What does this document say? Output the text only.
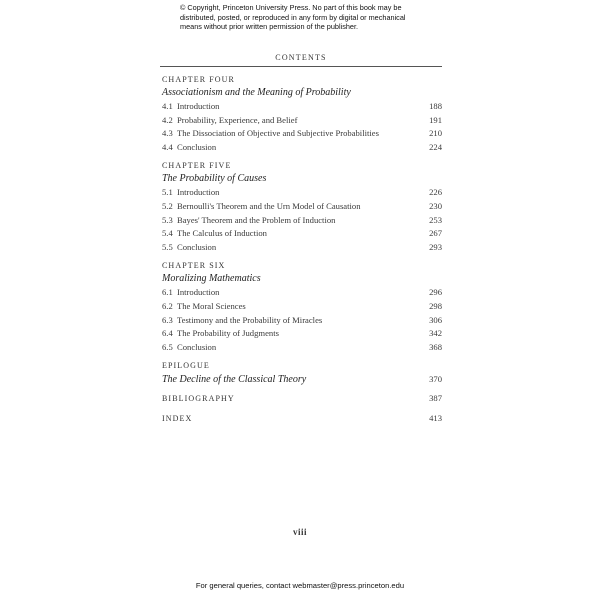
© Copyright, Princeton University Press. No part of this book may be
distributed, posted, or reproduced in any form by digital or mechanical
means without prior written permission of the publisher.
CONTENTS
CHAPTER FOUR
Associationism and the Meaning of Probability
4.1 Introduction	188
4.2 Probability, Experience, and Belief	191
4.3 The Dissociation of Objective and Subjective Probabilities	210
4.4 Conclusion	224
CHAPTER FIVE
The Probability of Causes
5.1 Introduction	226
5.2 Bernoulli's Theorem and the Urn Model of Causation	230
5.3 Bayes' Theorem and the Problem of Induction	253
5.4 The Calculus of Induction	267
5.5 Conclusion	293
CHAPTER SIX
Moralizing Mathematics
6.1 Introduction	296
6.2 The Moral Sciences	298
6.3 Testimony and the Probability of Miracles	306
6.4 The Probability of Judgments	342
6.5 Conclusion	368
EPILOGUE
The Decline of the Classical Theory	370
BIBLIOGRAPHY	387
INDEX	413
viii
For general queries, contact webmaster@press.princeton.edu
